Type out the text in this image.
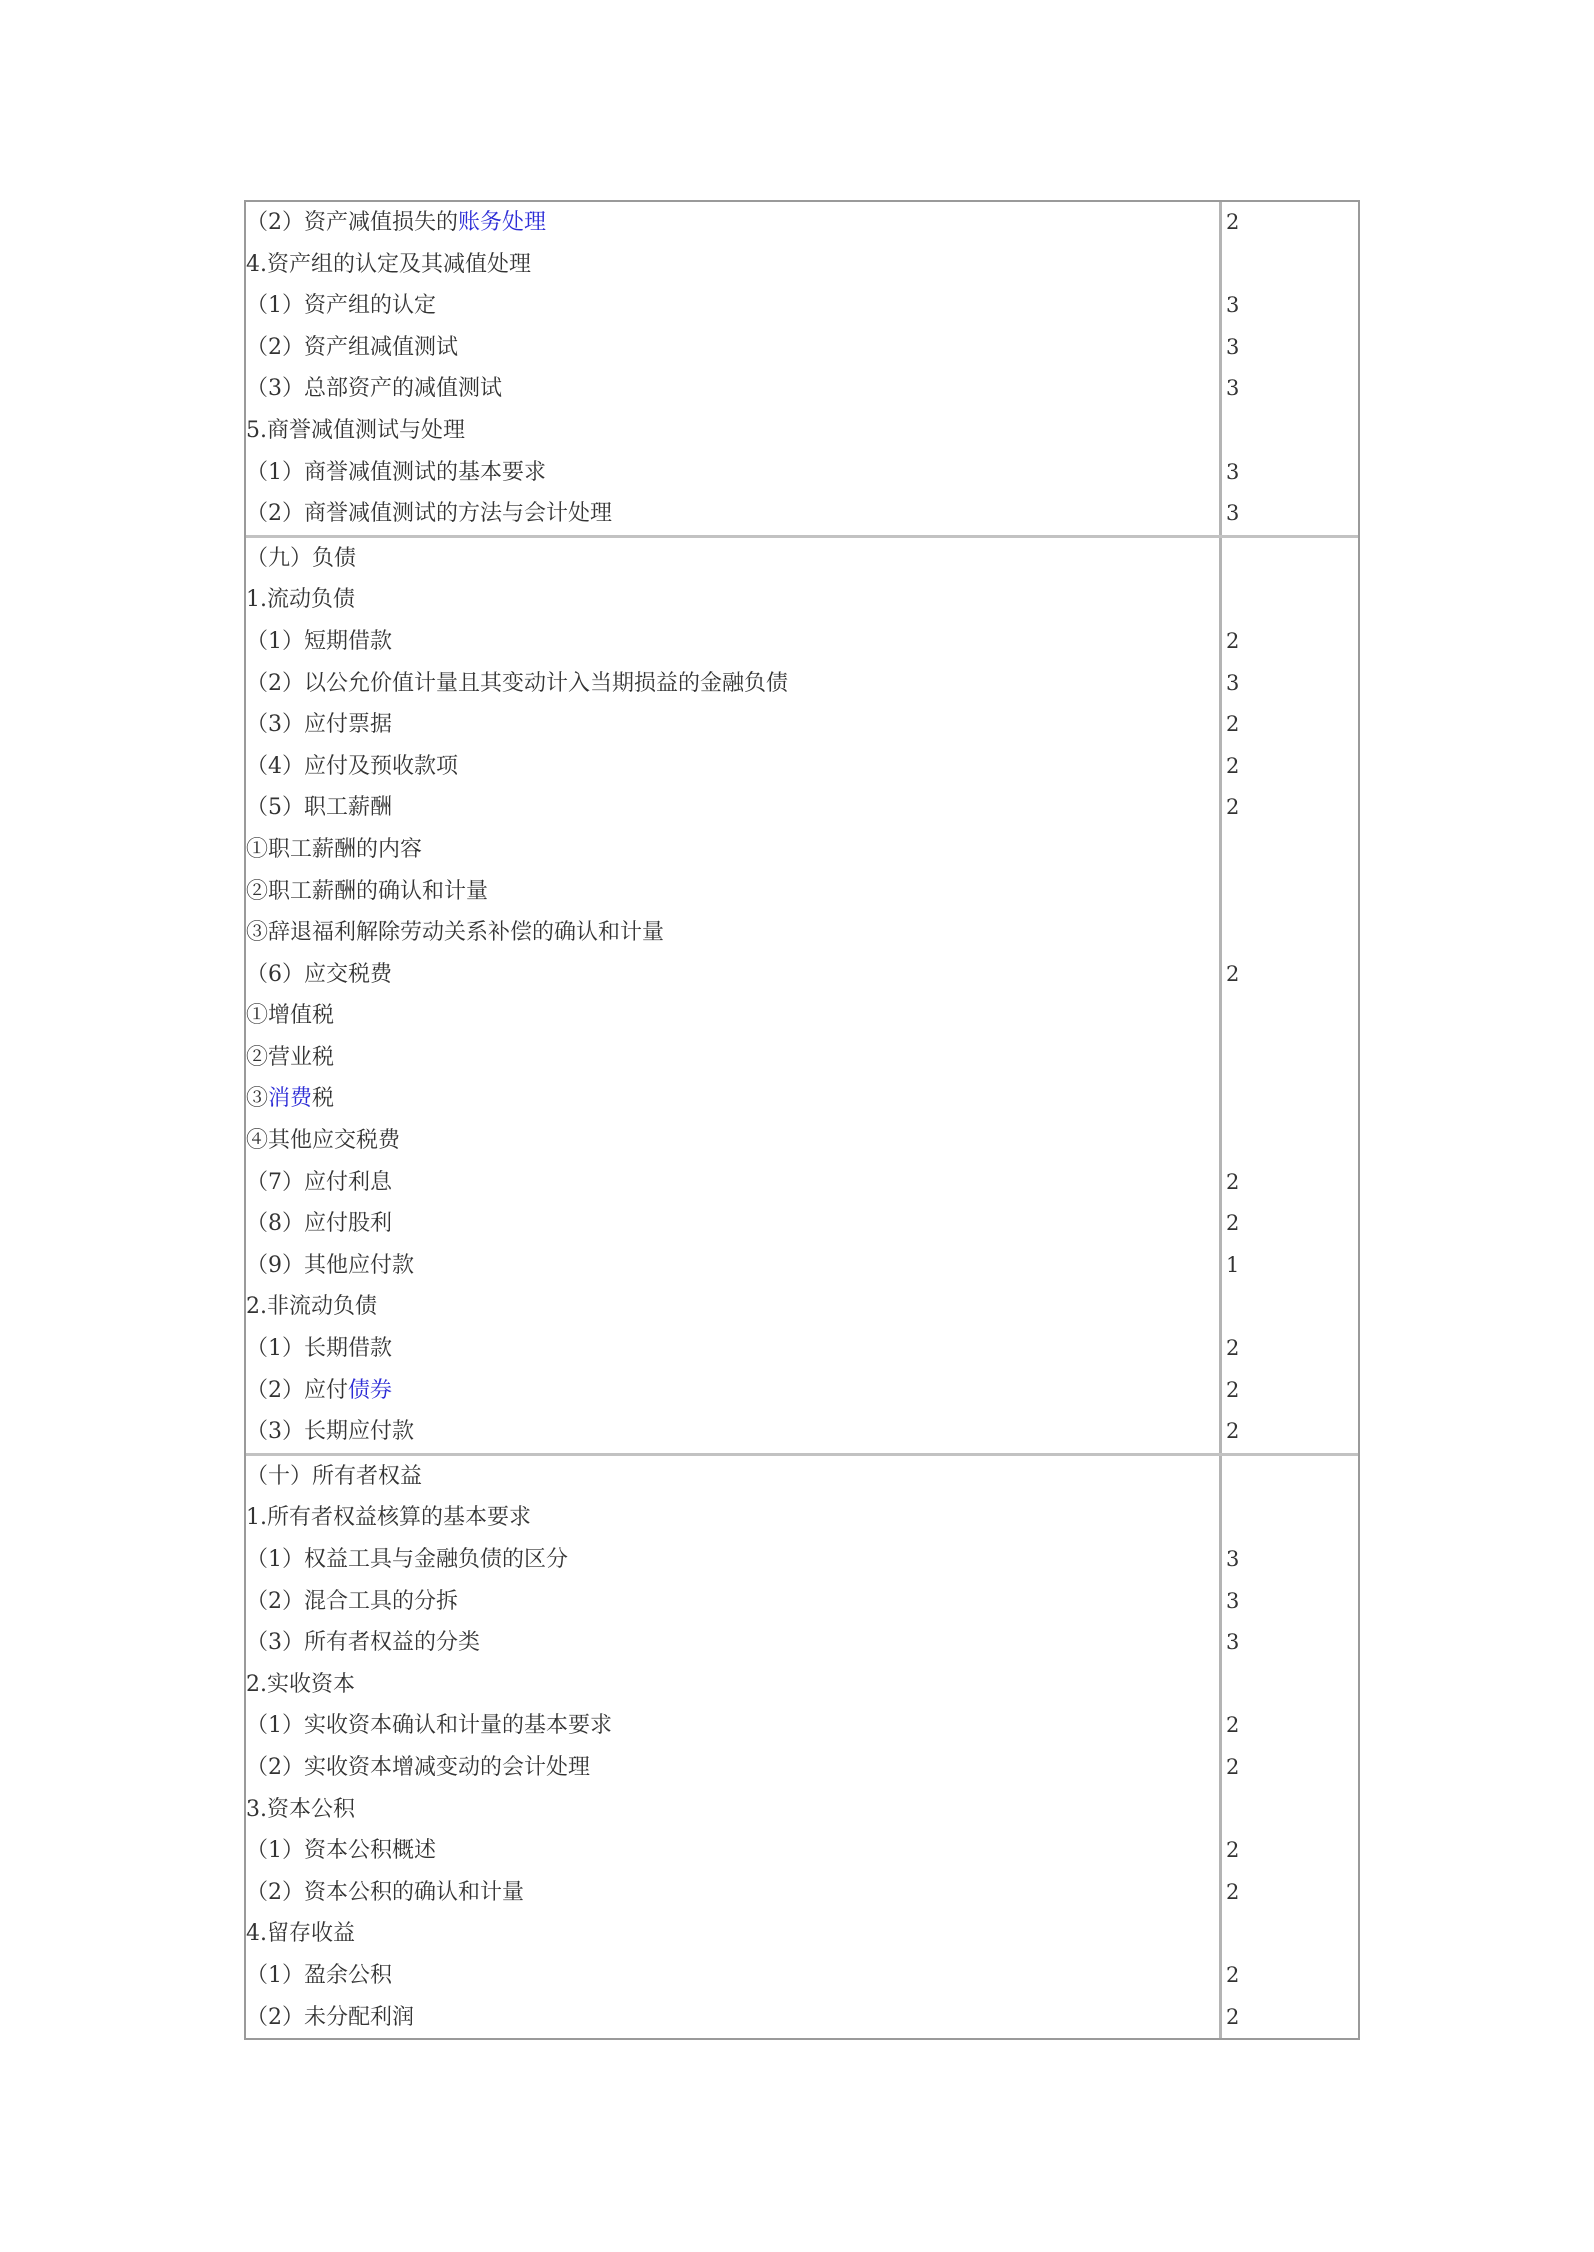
（2）资产减值损失的账务处理
4.资产组的认定及其减值处理
（1）资产组的认定
（2）资产组减值测试
（3）总部资产的减值测试
5.商誉减值测试与处理
（1）商誉减值测试的基本要求
（2）商誉减值测试的方法与会计处理
2
3
3
3
3
3
（九）负债
1.流动负债
（1）短期借款
（2）以公允价值计量且其变动计入当期损益的金融负债
（3）应付票据
（4）应付及预收款项
（5）职工薪酬
①职工薪酬的内容
②职工薪酬的确认和计量
③辞退福利解除劳动关系补偿的确认和计量
（6）应交税费
①增值税
②营业税
③消费税
④其他应交税费
（7）应付利息
（8）应付股利
（9）其他应付款
2.非流动负债
（1）长期借款
（2）应付债券
（3）长期应付款
2
3
2
2
2
2
2
2
1
2
2
2
（十）所有者权益
1.所有者权益核算的基本要求
（1）权益工具与金融负债的区分
（2）混合工具的分拆
（3）所有者权益的分类
2.实收资本
（1）实收资本确认和计量的基本要求
（2）实收资本增减变动的会计处理
3.资本公积
（1）资本公积概述
（2）资本公积的确认和计量
4.留存收益
（1）盈余公积
（2）未分配利润
3
3
3
2
2
2
2
2
2
